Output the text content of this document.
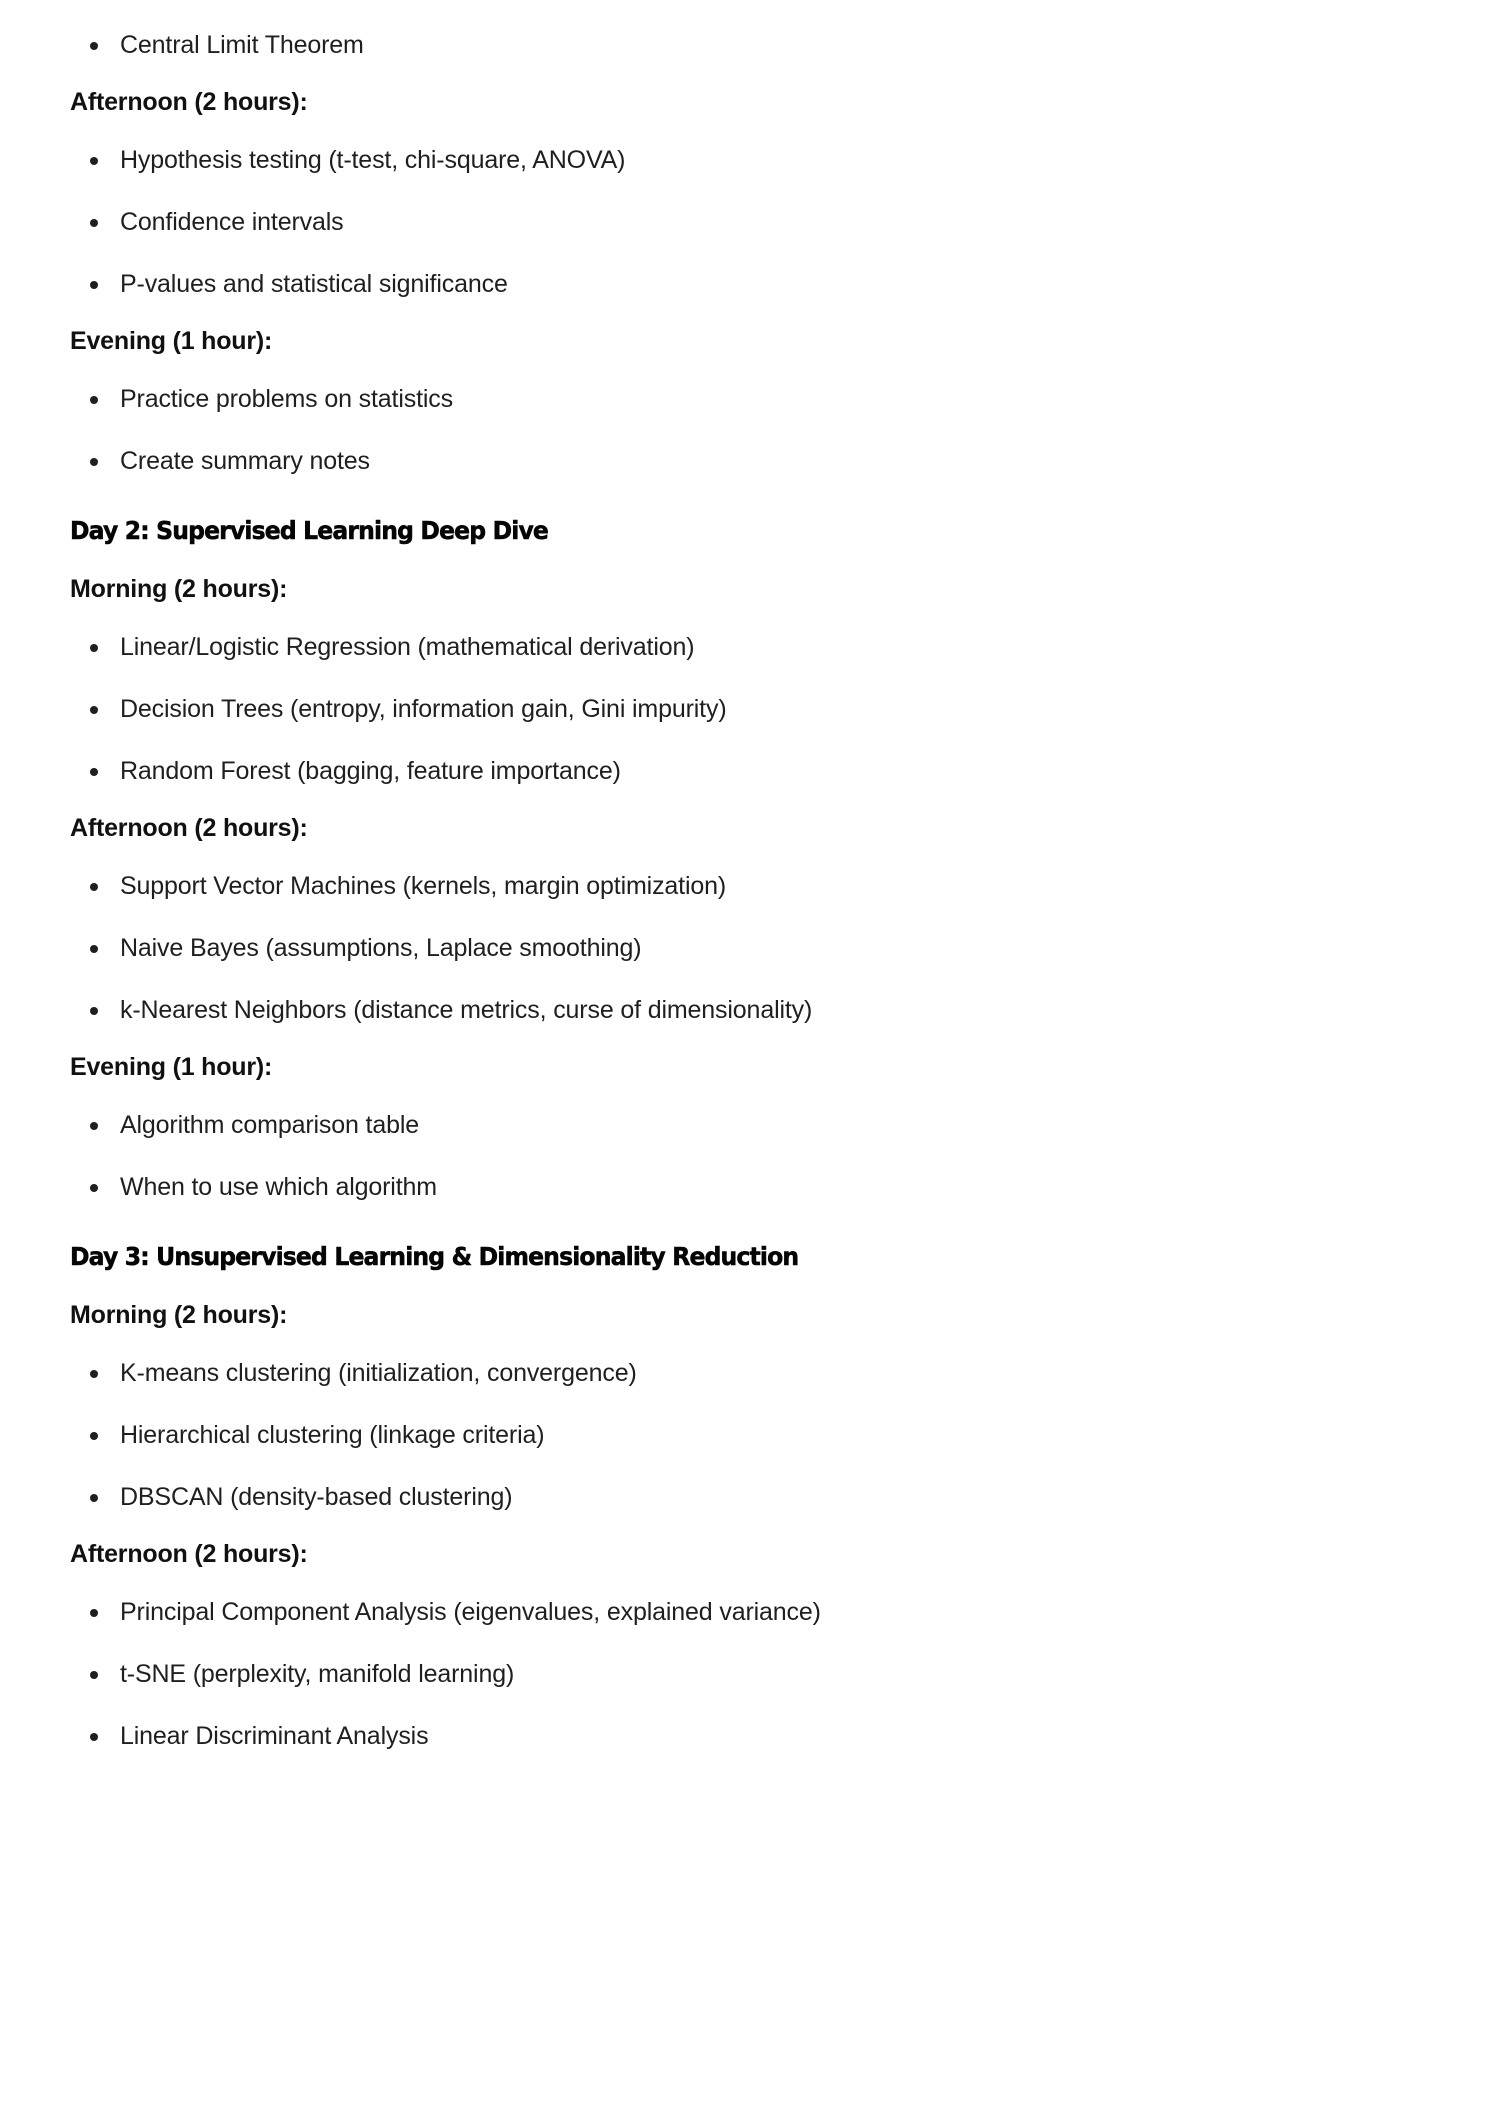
Central Limit Theorem
Afternoon (2 hours):
Hypothesis testing (t-test, chi-square, ANOVA)
Confidence intervals
P-values and statistical significance
Evening (1 hour):
Practice problems on statistics
Create summary notes
Day 2: Supervised Learning Deep Dive
Morning (2 hours):
Linear/Logistic Regression (mathematical derivation)
Decision Trees (entropy, information gain, Gini impurity)
Random Forest (bagging, feature importance)
Afternoon (2 hours):
Support Vector Machines (kernels, margin optimization)
Naive Bayes (assumptions, Laplace smoothing)
k-Nearest Neighbors (distance metrics, curse of dimensionality)
Evening (1 hour):
Algorithm comparison table
When to use which algorithm
Day 3: Unsupervised Learning & Dimensionality Reduction
Morning (2 hours):
K-means clustering (initialization, convergence)
Hierarchical clustering (linkage criteria)
DBSCAN (density-based clustering)
Afternoon (2 hours):
Principal Component Analysis (eigenvalues, explained variance)
t-SNE (perplexity, manifold learning)
Linear Discriminant Analysis
